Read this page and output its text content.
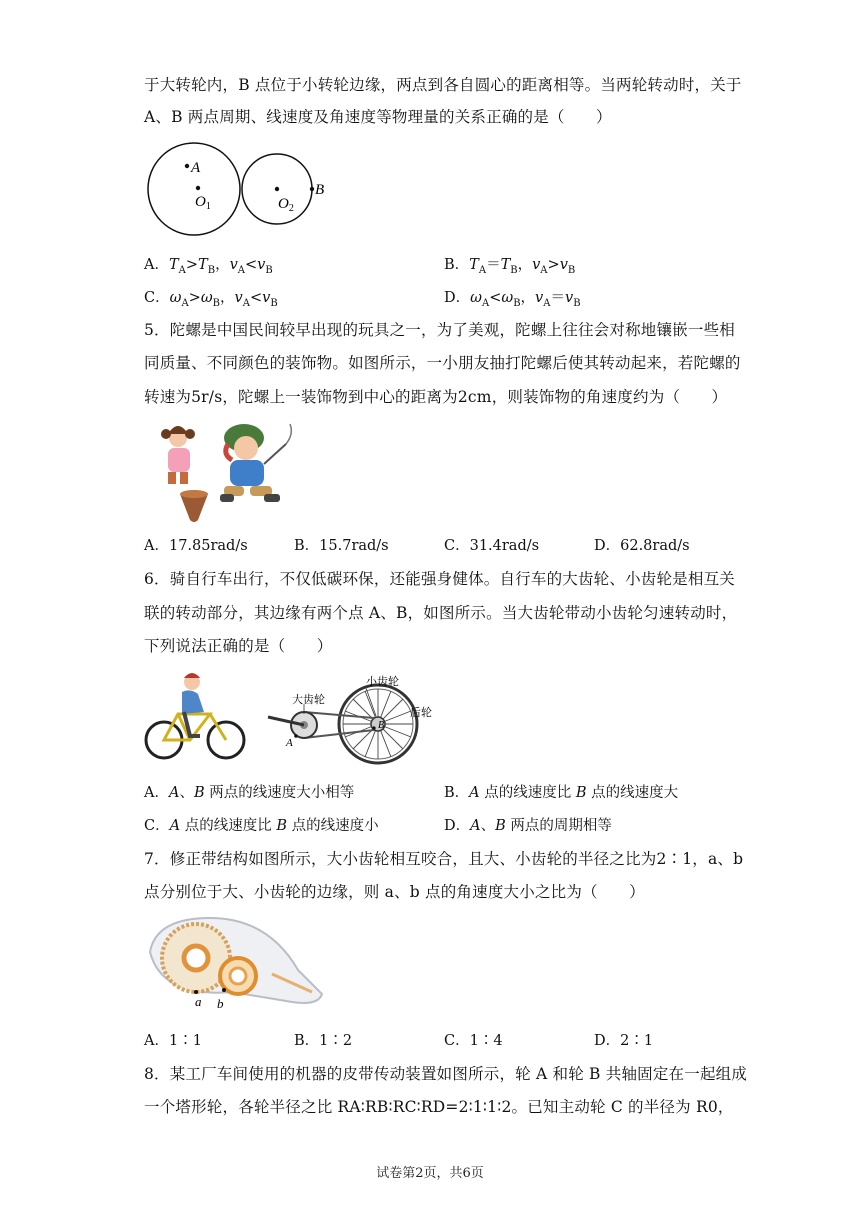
于大转轮内，B 点位于小转轮边缘，两点到各自圆心的距离相等。当两轮转动时，关于
A、B 两点周期、线速度及角速度等物理量的关系正确的是（　　）
A
$O_1$	$O_2$
B
A．$T_A>T_B$，$v_A<v_B$	B．$T_A=T_B$，$v_A>v_B$
C．$\omega_A>\omega_B$，$v_A<v_B$	D．$\omega_A<\omega_B$，$v_A=v_B$
5．陀螺是中国民间较早出现的玩具之一，为了美观，陀螺上往往会对称地镶嵌一些相
同质量、不同颜色的装饰物。如图所示，一小朋友抽打陀螺后使其转动起来，若陀螺的
转速为5r/s，陀螺上一装饰物到中心的距离为2cm，则装饰物的角速度约为（　　）
A．17.85rad/s	B．15.7rad/s	C．31.4rad/s	D．62.8rad/s
6．骑自行车出行，不仅低碳环保，还能强身健体。自行车的大齿轮、小齿轮是相互关
联的转动部分，其边缘有两个点 A、B，如图所示。当大齿轮带动小齿轮匀速转动时，
下列说法正确的是（　　）
小齿轮
大齿轮
后轮
A
B
A．A、B 两点的线速度大小相等	B．A 点的线速度比 B 点的线速度大
C．A 点的线速度比 B 点的线速度小	D．A、B 两点的周期相等
7．修正带结构如图所示，大小齿轮相互咬合，且大、小齿轮的半径之比为2∶1，a、b
点分别位于大、小齿轮的边缘，则 a、b 点的角速度大小之比为（　　）
a b
A．1∶1	B．1∶2	C．1∶4	D．2∶1
8．某工厂车间使用的机器的皮带传动装置如图所示，轮 A 和轮 B 共轴固定在一起组成
一个塔形轮，各轮半径之比 RA∶RB∶RC∶RD=2∶1∶1∶2。已知主动轮 C 的半径为 R0，
试卷第2页，共6页
